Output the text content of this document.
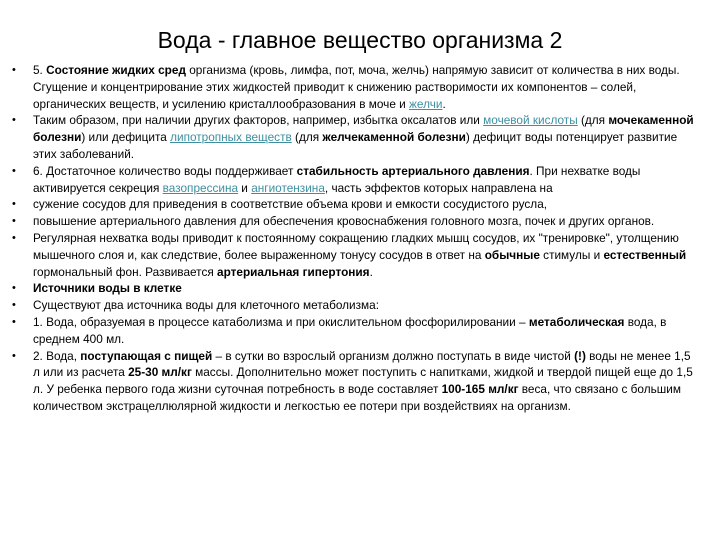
Вода - главное вещество организма 2
• 5. Состояние жидких сред организма (кровь, лимфа, пот, моча, желчь) напрямую зависит от количества в них воды. Сгущение и концентрирование этих жидкостей приводит к снижению растворимости их компонентов – солей, органических веществ, и усилению кристаллообразования в моче и желчи.
• Таким образом, при наличии других факторов, например, избытка оксалатов или мочевой кислоты (для мочекаменной болезни) или дефицита липотропных веществ (для желчекаменной болезни) дефицит воды потенцирует развитие этих заболеваний.
• 6. Достаточное количество воды поддерживает стабильность артериального давления. При нехватке воды активируется секреция вазопрессина и ангиотензина, часть эффектов которых направлена на
• сужение сосудов для приведения в соответствие объема крови и емкости сосудистого русла,
• повышение артериального давления для обеспечения кровоснабжения головного мозга, почек и других органов.
• Регулярная нехватка воды приводит к постоянному сокращению гладких мышц сосудов, их "тренировке", утолщению мышечного слоя и, как следствие, более выраженному тонусу сосудов в ответ на обычные стимулы и естественный гормональный фон. Развивается артериальная гипертония.
• Источники воды в клетке
• Существуют два источника воды для клеточного метаболизма:
• 1. Вода, образуемая в процессе катаболизма и при окислительном фосфорилировании – метаболическая вода, в среднем 400 мл.
• 2. Вода, поступающая с пищей – в сутки во взрослый организм должно поступать в виде чистой (!) воды не менее 1,5 л или из расчета 25-30 мл/кг массы. Дополнительно может поступить с напитками, жидкой и твердой пищей еще до 1,5 л. У ребенка первого года жизни суточная потребность в воде составляет 100-165 мл/кг веса, что связано с большим количеством экстрацеллюлярной жидкости и легкостью ее потери при воздействиях на организм.
